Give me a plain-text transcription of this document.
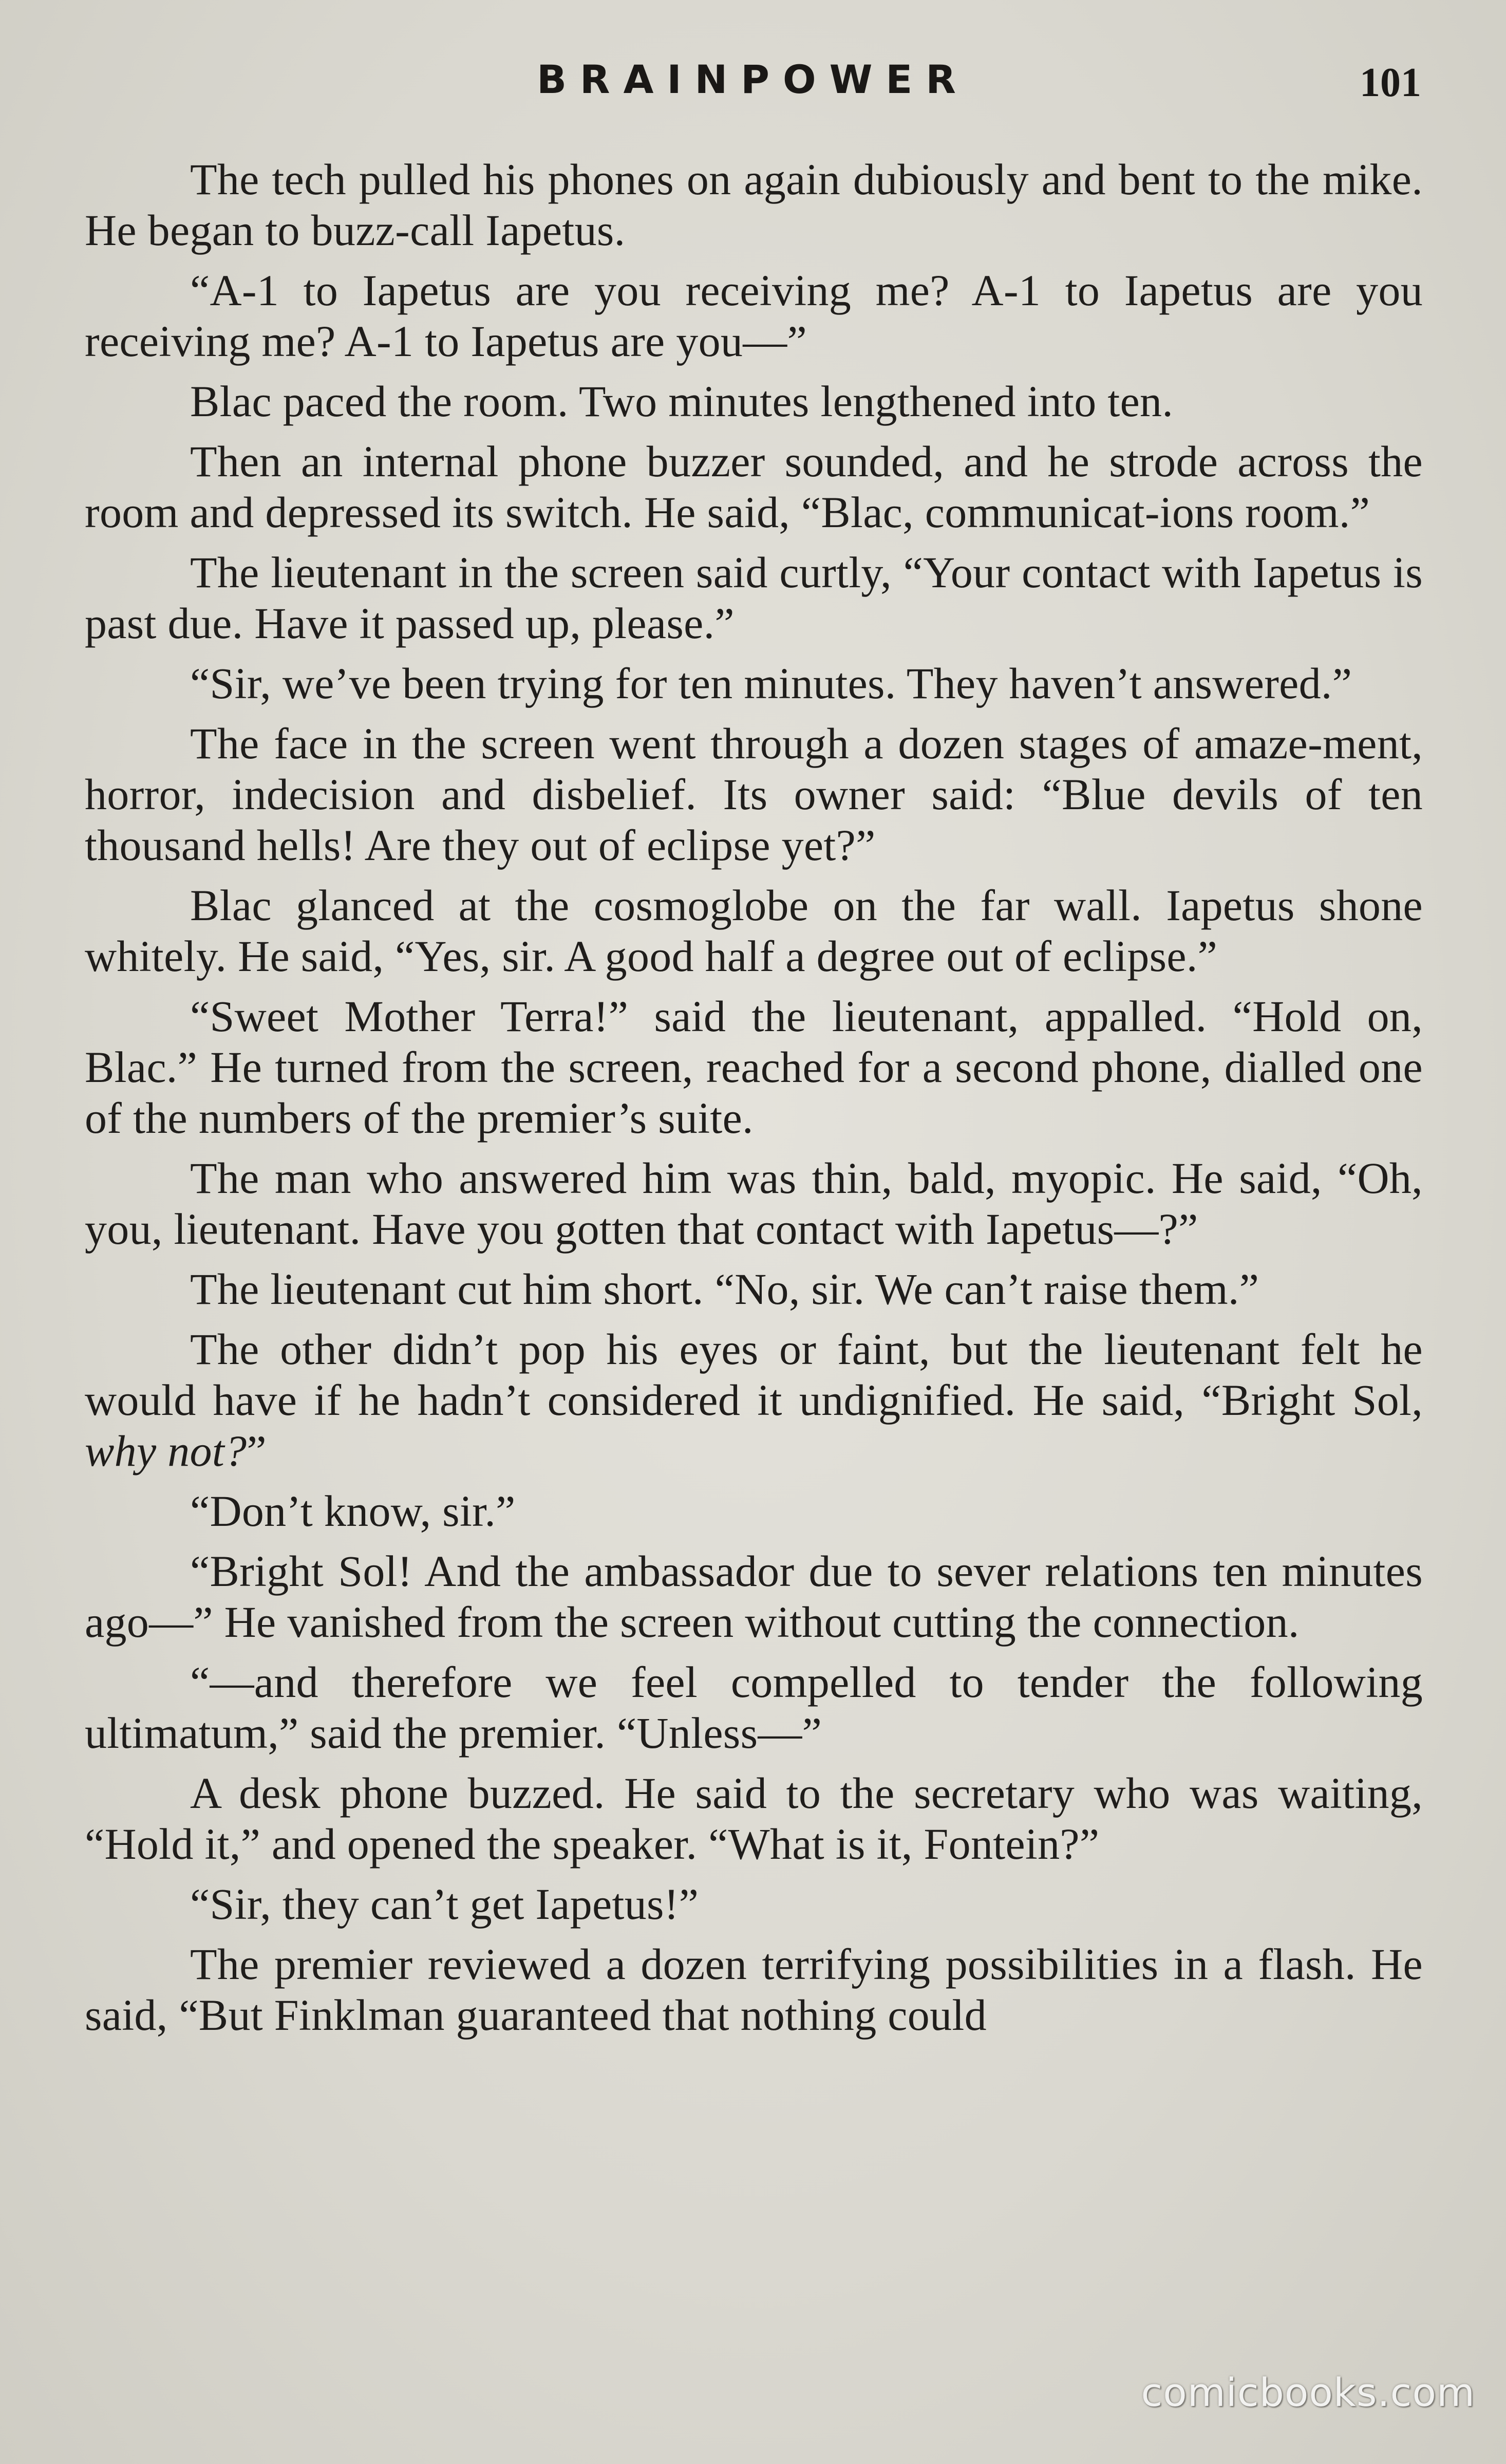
BRAINPOWER	101

The tech pulled his phones on again dubiously and bent to the mike. He began to buzz-call Iapetus.

“A-1 to Iapetus are you receiving me? A-1 to Iapetus are you receiving me? A-1 to Iapetus are you—”

Blac paced the room. Two minutes lengthened into ten.

Then an internal phone buzzer sounded, and he strode across the room and depressed its switch. He said, “Blac, communicat-ions room.”

The lieutenant in the screen said curtly, “Your contact with Iapetus is past due. Have it passed up, please.”

“Sir, we’ve been trying for ten minutes. They haven’t answered.”

The face in the screen went through a dozen stages of amaze-ment, horror, indecision and disbelief. Its owner said: “Blue devils of ten thousand hells! Are they out of eclipse yet?”

Blac glanced at the cosmoglobe on the far wall. Iapetus shone whitely. He said, “Yes, sir. A good half a degree out of eclipse.”

“Sweet Mother Terra!” said the lieutenant, appalled. “Hold on, Blac.” He turned from the screen, reached for a second phone, dialled one of the numbers of the premier’s suite.

The man who answered him was thin, bald, myopic. He said, “Oh, you, lieutenant. Have you gotten that contact with Iapetus—?”

The lieutenant cut him short. “No, sir. We can’t raise them.”

The other didn’t pop his eyes or faint, but the lieutenant felt he would have if he hadn’t considered it undignified. He said, “Bright Sol, why not?”

“Don’t know, sir.”

“Bright Sol! And the ambassador due to sever relations ten minutes ago—” He vanished from the screen without cutting the connection.

“—and therefore we feel compelled to tender the following ultimatum,” said the premier. “Unless—”

A desk phone buzzed. He said to the secretary who was waiting, “Hold it,” and opened the speaker. “What is it, Fontein?”

“Sir, they can’t get Iapetus!”

The premier reviewed a dozen terrifying possibilities in a flash. He said, “But Finklman guaranteed that nothing could

comicbooks.com
